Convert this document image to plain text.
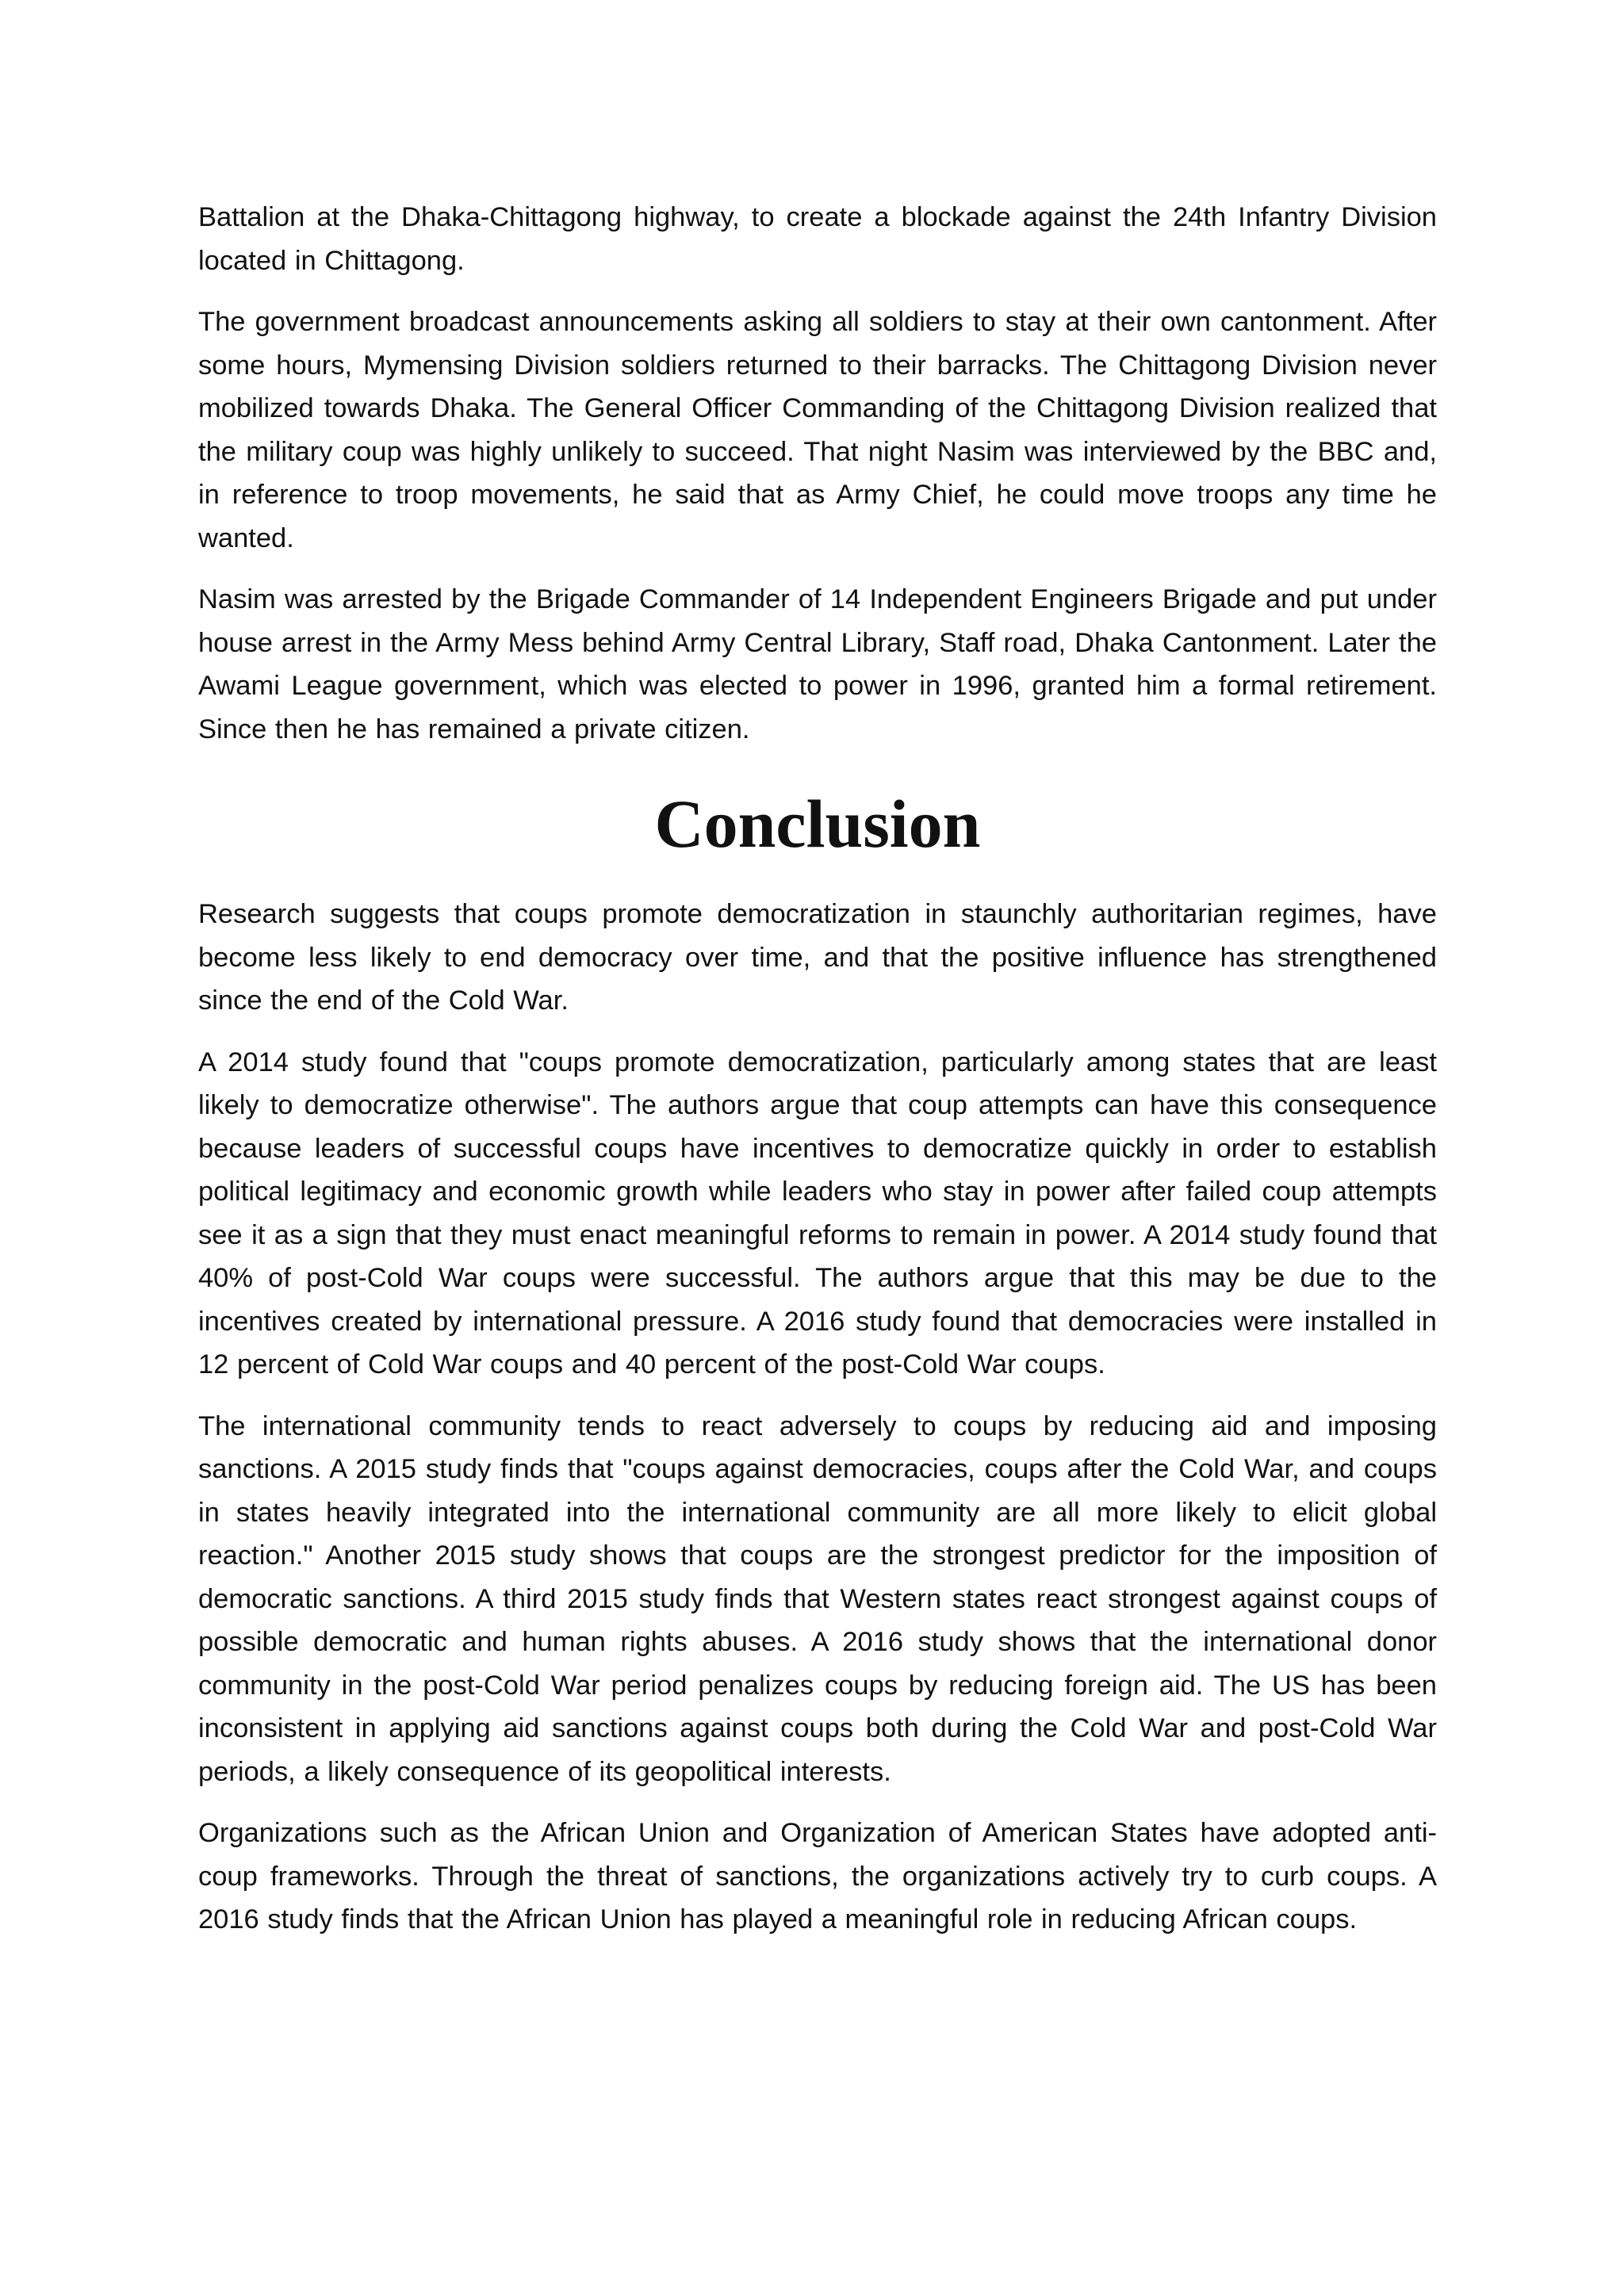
Battalion at the Dhaka-Chittagong highway, to create a blockade against the 24th Infantry Division located in Chittagong.

The government broadcast announcements asking all soldiers to stay at their own cantonment. After some hours, Mymensing Division soldiers returned to their barracks. The Chittagong Division never mobilized towards Dhaka. The General Officer Commanding of the Chittagong Division realized that the military coup was highly unlikely to succeed. That night Nasim was interviewed by the BBC and, in reference to troop movements, he said that as Army Chief, he could move troops any time he wanted.

Nasim was arrested by the Brigade Commander of 14 Independent Engineers Brigade and put under house arrest in the Army Mess behind Army Central Library, Staff road, Dhaka Cantonment. Later the Awami League government, which was elected to power in 1996, granted him a formal retirement. Since then he has remained a private citizen.

Conclusion

Research suggests that coups promote democratization in staunchly authoritarian regimes, have become less likely to end democracy over time, and that the positive influence has strengthened since the end of the Cold War.

A 2014 study found that "coups promote democratization, particularly among states that are least likely to democratize otherwise". The authors argue that coup attempts can have this consequence because leaders of successful coups have incentives to democratize quickly in order to establish political legitimacy and economic growth while leaders who stay in power after failed coup attempts see it as a sign that they must enact meaningful reforms to remain in power. A 2014 study found that 40% of post-Cold War coups were successful. The authors argue that this may be due to the incentives created by international pressure. A 2016 study found that democracies were installed in 12 percent of Cold War coups and 40 percent of the post-Cold War coups.

The international community tends to react adversely to coups by reducing aid and imposing sanctions. A 2015 study finds that "coups against democracies, coups after the Cold War, and coups in states heavily integrated into the international community are all more likely to elicit global reaction." Another 2015 study shows that coups are the strongest predictor for the imposition of democratic sanctions. A third 2015 study finds that Western states react strongest against coups of possible democratic and human rights abuses. A 2016 study shows that the international donor community in the post-Cold War period penalizes coups by reducing foreign aid. The US has been inconsistent in applying aid sanctions against coups both during the Cold War and post-Cold War periods, a likely consequence of its geopolitical interests.

Organizations such as the African Union and Organization of American States have adopted anti-coup frameworks. Through the threat of sanctions, the organizations actively try to curb coups. A 2016 study finds that the African Union has played a meaningful role in reducing African coups.
